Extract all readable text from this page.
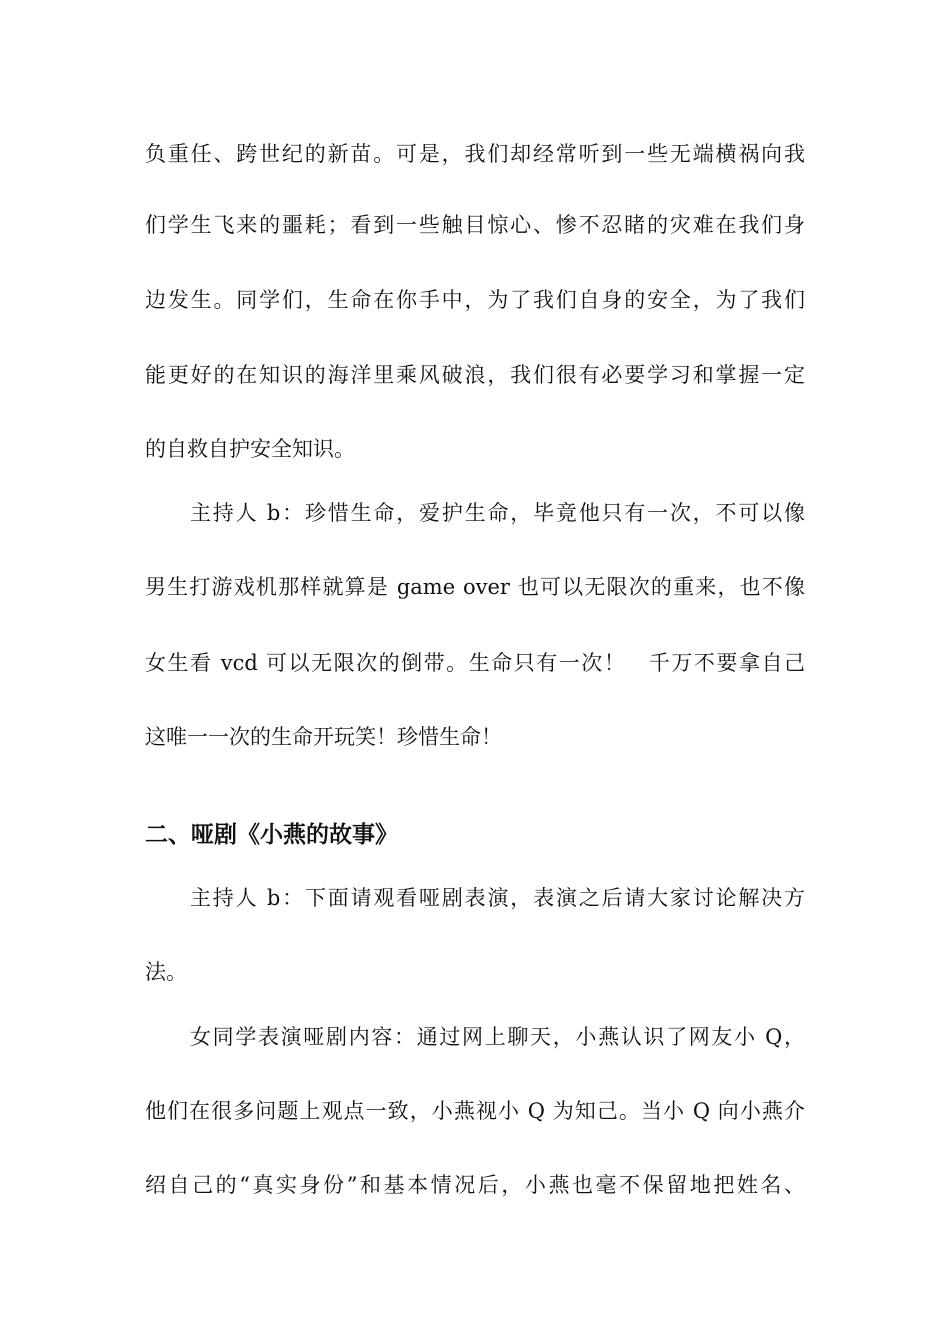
负重任、跨世纪的新苗。可是，我们却经常听到一些无端横祸向我
们学生飞来的噩耗；看到一些触目惊心、惨不忍睹的灾难在我们身
边发生。同学们，生命在你手中，为了我们自身的安全，为了我们
能更好的在知识的海洋里乘风破浪，我们很有必要学习和掌握一定
的自救自护安全知识。
主持人 b：珍惜生命，爱护生命，毕竟他只有一次，不可以像
男生打游戏机那样就算是 game over 也可以无限次的重来，也不像
女生看 vcd 可以无限次的倒带。生命只有一次！　千万不要拿自己
这唯一一次的生命开玩笑！珍惜生命！
二、哑剧《小燕的故事》
主持人 b：下面请观看哑剧表演，表演之后请大家讨论解决方
法。
女同学表演哑剧内容：通过网上聊天，小燕认识了网友小 Q，
他们在很多问题上观点一致，小燕视小 Q 为知己。当小 Q 向小燕介
绍自己的“真实身份”和基本情况后，小燕也毫不保留地把姓名、
